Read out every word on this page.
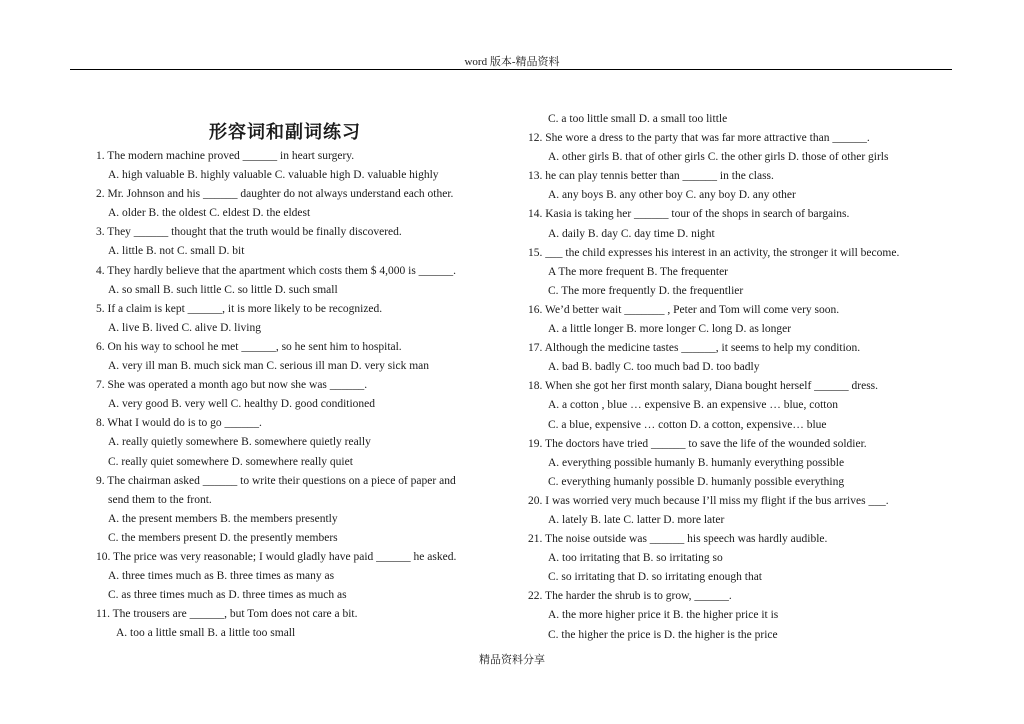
word 版本-精品资料
形容词和副词练习
1. The modern machine proved ______ in heart surgery.
A. high valuable B. highly valuable C. valuable high D. valuable highly
2. Mr. Johnson and his ______ daughter do not always understand each other.
A. older B. the oldest C. eldest D. the eldest
3. They ______ thought that the truth would be finally discovered.
A. little B. not C. small D. bit
4. They hardly believe that the apartment which costs them $ 4,000 is ______.
A. so small B. such little C. so little D. such small
5. If a claim is kept ______, it is more likely to be recognized.
A. live B. lived C. alive D. living
6. On his way to school he met ______, so he sent him to hospital.
A. very ill man B. much sick man C. serious ill man D. very sick man
7. She was operated a month ago but now she was ______.
A. very good B. very well C. healthy D. good conditioned
8. What I would do is to go ______.
A. really quietly somewhere B. somewhere quietly really
C. really quiet somewhere D. somewhere really quiet
9. The chairman asked ______ to write their questions on a piece of paper and
send them to the front.
A. the present members B. the members presently
C. the members present D. the presently members
10. The price was very reasonable; I would gladly have paid ______ he asked.
A. three times much as B. three times as many as
C. as three times much as D. three times as much as
11. The trousers are ______, but Tom does not care a bit.
A. too a little small B. a little too small
C. a too little small D. a small too little
12. She wore a dress to the party that was far more attractive than ______.
A. other girls B. that of other girls C. the other girls D. those of other girls
13. he can play tennis better than ______ in the class.
A. any boys B. any other boy C. any boy D. any other
14. Kasia is taking her ______ tour of the shops in search of bargains.
A. daily B. day C. day time D. night
15. ___ the child expresses his interest in an activity, the stronger it will become.
A The more frequent B. The frequenter
C. The more frequently D. the frequentlier
16. We’d better wait _______ , Peter and Tom will come very soon.
A. a little longer B. more longer C. long D. as longer
17. Although the medicine tastes ______, it seems to help my condition.
A. bad B. badly C. too much bad D. too badly
18. When she got her first month salary, Diana bought herself ______ dress.
A. a cotton , blue … expensive B. an expensive … blue, cotton
C. a blue, expensive … cotton D. a cotton, expensive… blue
19. The doctors have tried ______ to save the life of the wounded soldier.
A. everything possible humanly B. humanly everything possible
C. everything humanly possible D. humanly possible everything
20. I was worried very much because I’ll miss my flight if the bus arrives ___.
A. lately B. late C. latter D. more later
21. The noise outside was ______ his speech was hardly audible.
A. too irritating that B. so irritating so
C. so irritating that D. so irritating enough that
22. The harder the shrub is to grow, ______.
A. the more higher price it B. the higher price it is
C. the higher the price is D. the higher is the price
精品资料分享
